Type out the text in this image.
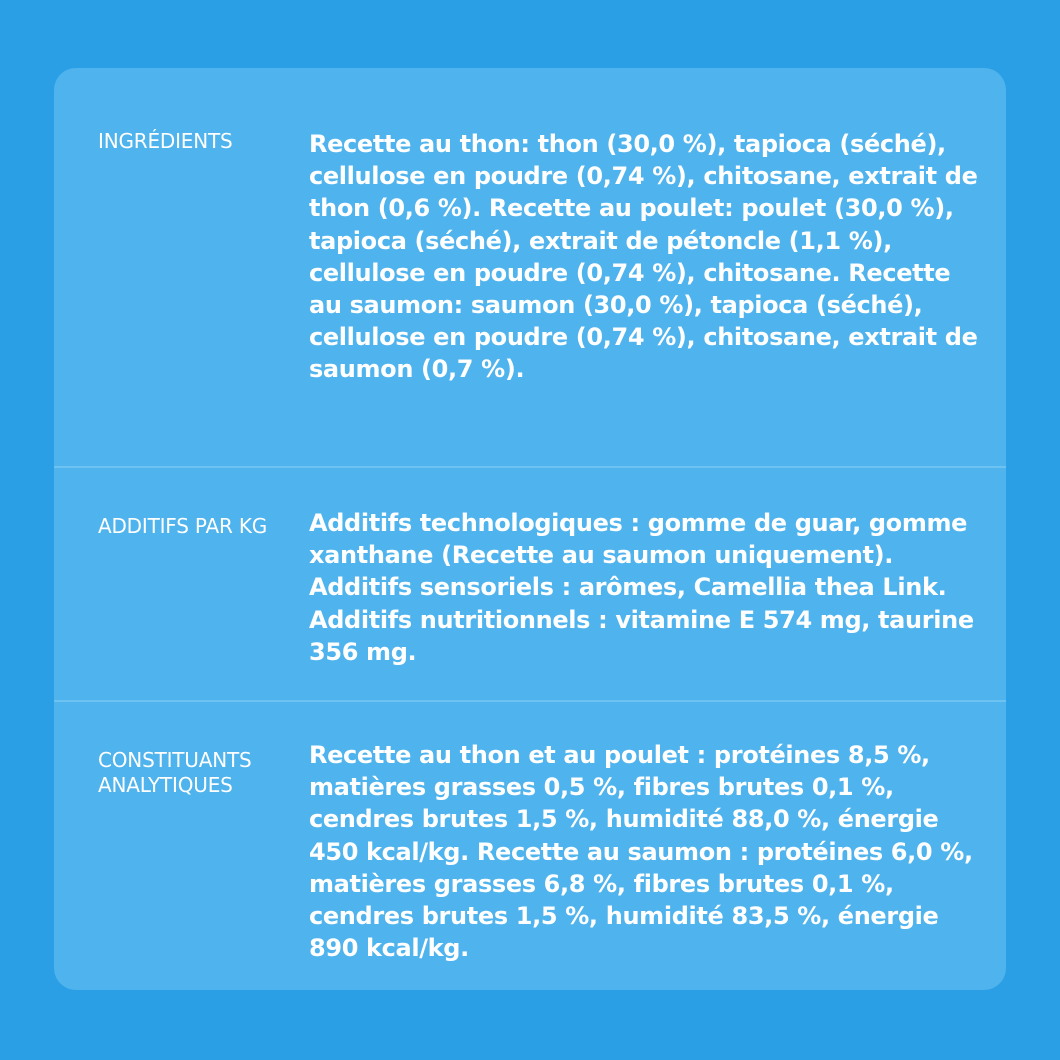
INGRÉDIENTS	Recette au thon: thon (30,0 %), tapioca (séché), cellulose en poudre (0,74 %), chitosane, extrait de thon (0,6 %). Recette au poulet: poulet (30,0 %), tapioca (séché), extrait de pétoncle (1,1 %), cellulose en poudre (0,74 %), chitosane. Recette au saumon: saumon (30,0 %), tapioca (séché), cellulose en poudre (0,74 %), chitosane, extrait de saumon (0,7 %).

ADDITIFS PAR KG	Additifs technologiques : gomme de guar, gomme xanthane (Recette au saumon uniquement). Additifs sensoriels : arômes, Camellia thea Link. Additifs nutritionnels : vitamine E 574 mg, taurine 356 mg.

CONSTITUANTS ANALYTIQUES

Recette au thon et au poulet : protéines 8,5 %, matières grasses 0,5 %, fibres brutes 0,1 %, cendres brutes 1,5 %, humidité 88,0 %, énergie 450 kcal/kg. Recette au saumon : protéines 6,0 %, matières grasses 6,8 %, fibres brutes 0,1 %, cendres brutes 1,5 %, humidité 83,5 %, énergie 890 kcal/kg.
